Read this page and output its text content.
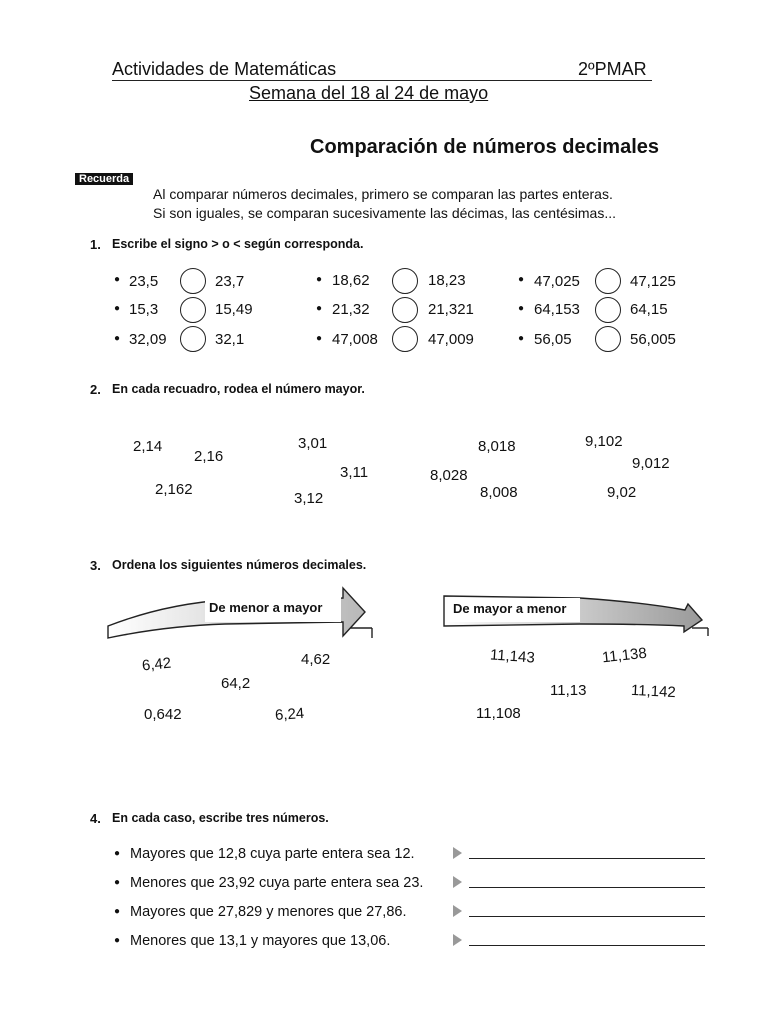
Actividades de Matemáticas	2ºPMAR
Semana del 18 al 24 de mayo
Comparación de números decimales
Recuerda
Al comparar números decimales, primero se comparan las partes enteras.
Si son iguales, se comparan sucesivamente las décimas, las centésimas...
1. Escribe el signo > o < según corresponda.
● 23,5	23,7
● 15,3	15,49
● 32,09	32,1
● 18,62	18,23
● 21,32	21,321
● 47,008	47,009
● 47,025	47,125
● 64,153	64,15
● 56,05	56,005
2. En cada recuadro, rodea el número mayor.
2,14
2,16
2,162
3,01
3,11
3,12
8,018
8,028
8,008
9,102
9,012
9,02
3. Ordena los siguientes números decimales.
De menor a mayor	De mayor a menor
6,42	4,62
64,2
0,642	6,24
11,143	11,138
11,13	11,142
11,108
4. En cada caso, escribe tres números.
● Mayores que 12,8 cuya parte entera sea 12.
● Menores que 23,92 cuya parte entera sea 23.
● Mayores que 27,829 y menores que 27,86.
● Menores que 13,1 y mayores que 13,06.
